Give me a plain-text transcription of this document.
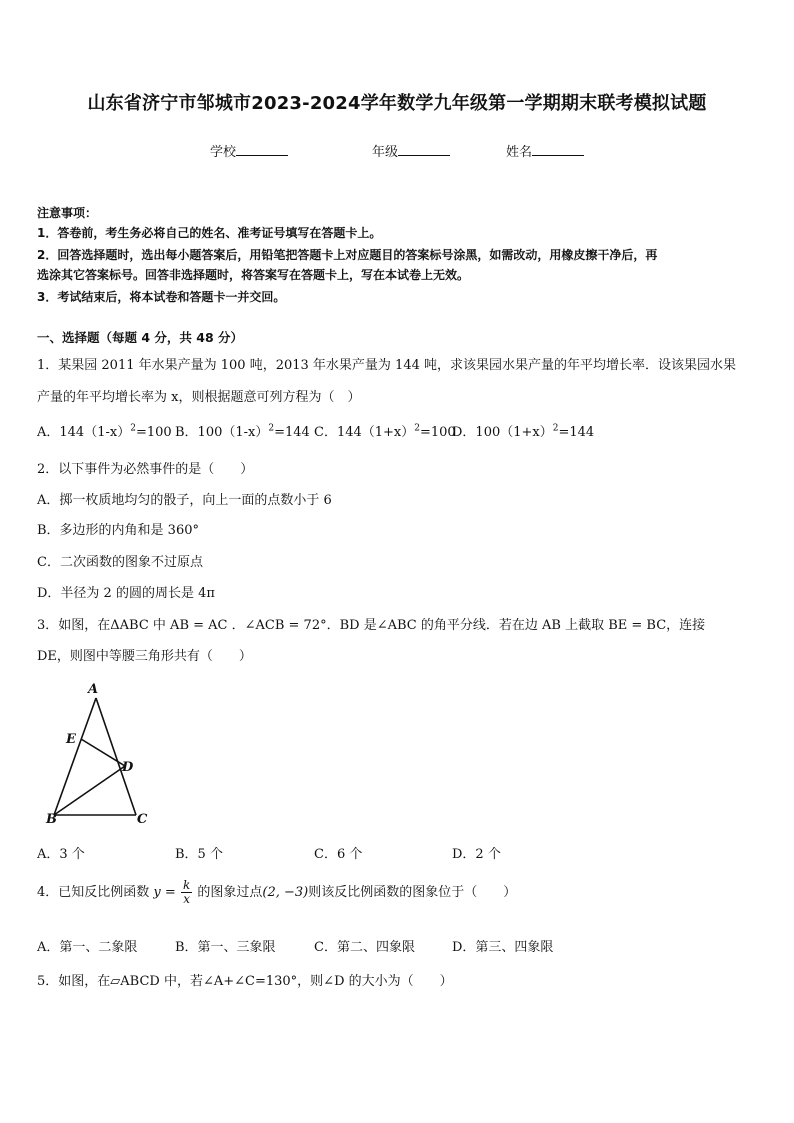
山东省济宁市邹城市2023-2024学年数学九年级第一学期期末联考模拟试题
学校	年级	姓名
注意事项：
1．答卷前，考生务必将自己的姓名、准考证号填写在答题卡上。
2．回答选择题时，选出每小题答案后，用铅笔把答题卡上对应题目的答案标号涂黑，如需改动，用橡皮擦干净后，再
选涂其它答案标号。回答非选择题时，将答案写在答题卡上，写在本试卷上无效。
3．考试结束后，将本试卷和答题卡一并交回。
一、选择题（每题 4 分，共 48 分）
1．某果园 2011 年水果产量为 100 吨，2013 年水果产量为 144 吨，求该果园水果产量的年平均增长率．设该果园水果
产量的年平均增长率为 x，则根据题意可列方程为（　）
A．$144(1-x)^2=100$ B．$100(1-x)^2=144$ C．$144(1+x)^2=100$
D．$100(1+x)^2=144$
2．以下事件为必然事件的是（　　）
A．掷一枚质地均匀的骰子，向上一面的点数小于 6
B．多边形的内角和是 360°
C．二次函数的图象不过原点
D．半径为 2 的圆的周长是 4π
3．如图，在ΔABC 中 AB = AC ．∠ACB = 72°．BD 是∠ABC 的角平分线．若在边 AB 上截取 BE = BC，连接
DE，则图中等腰三角形共有（　　）
A
E
D
B	C
A．3 个	B．5 个	C．6 个	D．2 个
4．已知反比例函数 $y = \frac{k}{x}$ 的图象过点(2, −3)则该反比例函数的图象位于（　　）
A．第一、二象限	B．第一、三象限	C．第二、四象限	D．第三、四象限
5．如图，在▱ABCD 中，若∠A+∠C=130°，则∠D 的大小为（　　）
